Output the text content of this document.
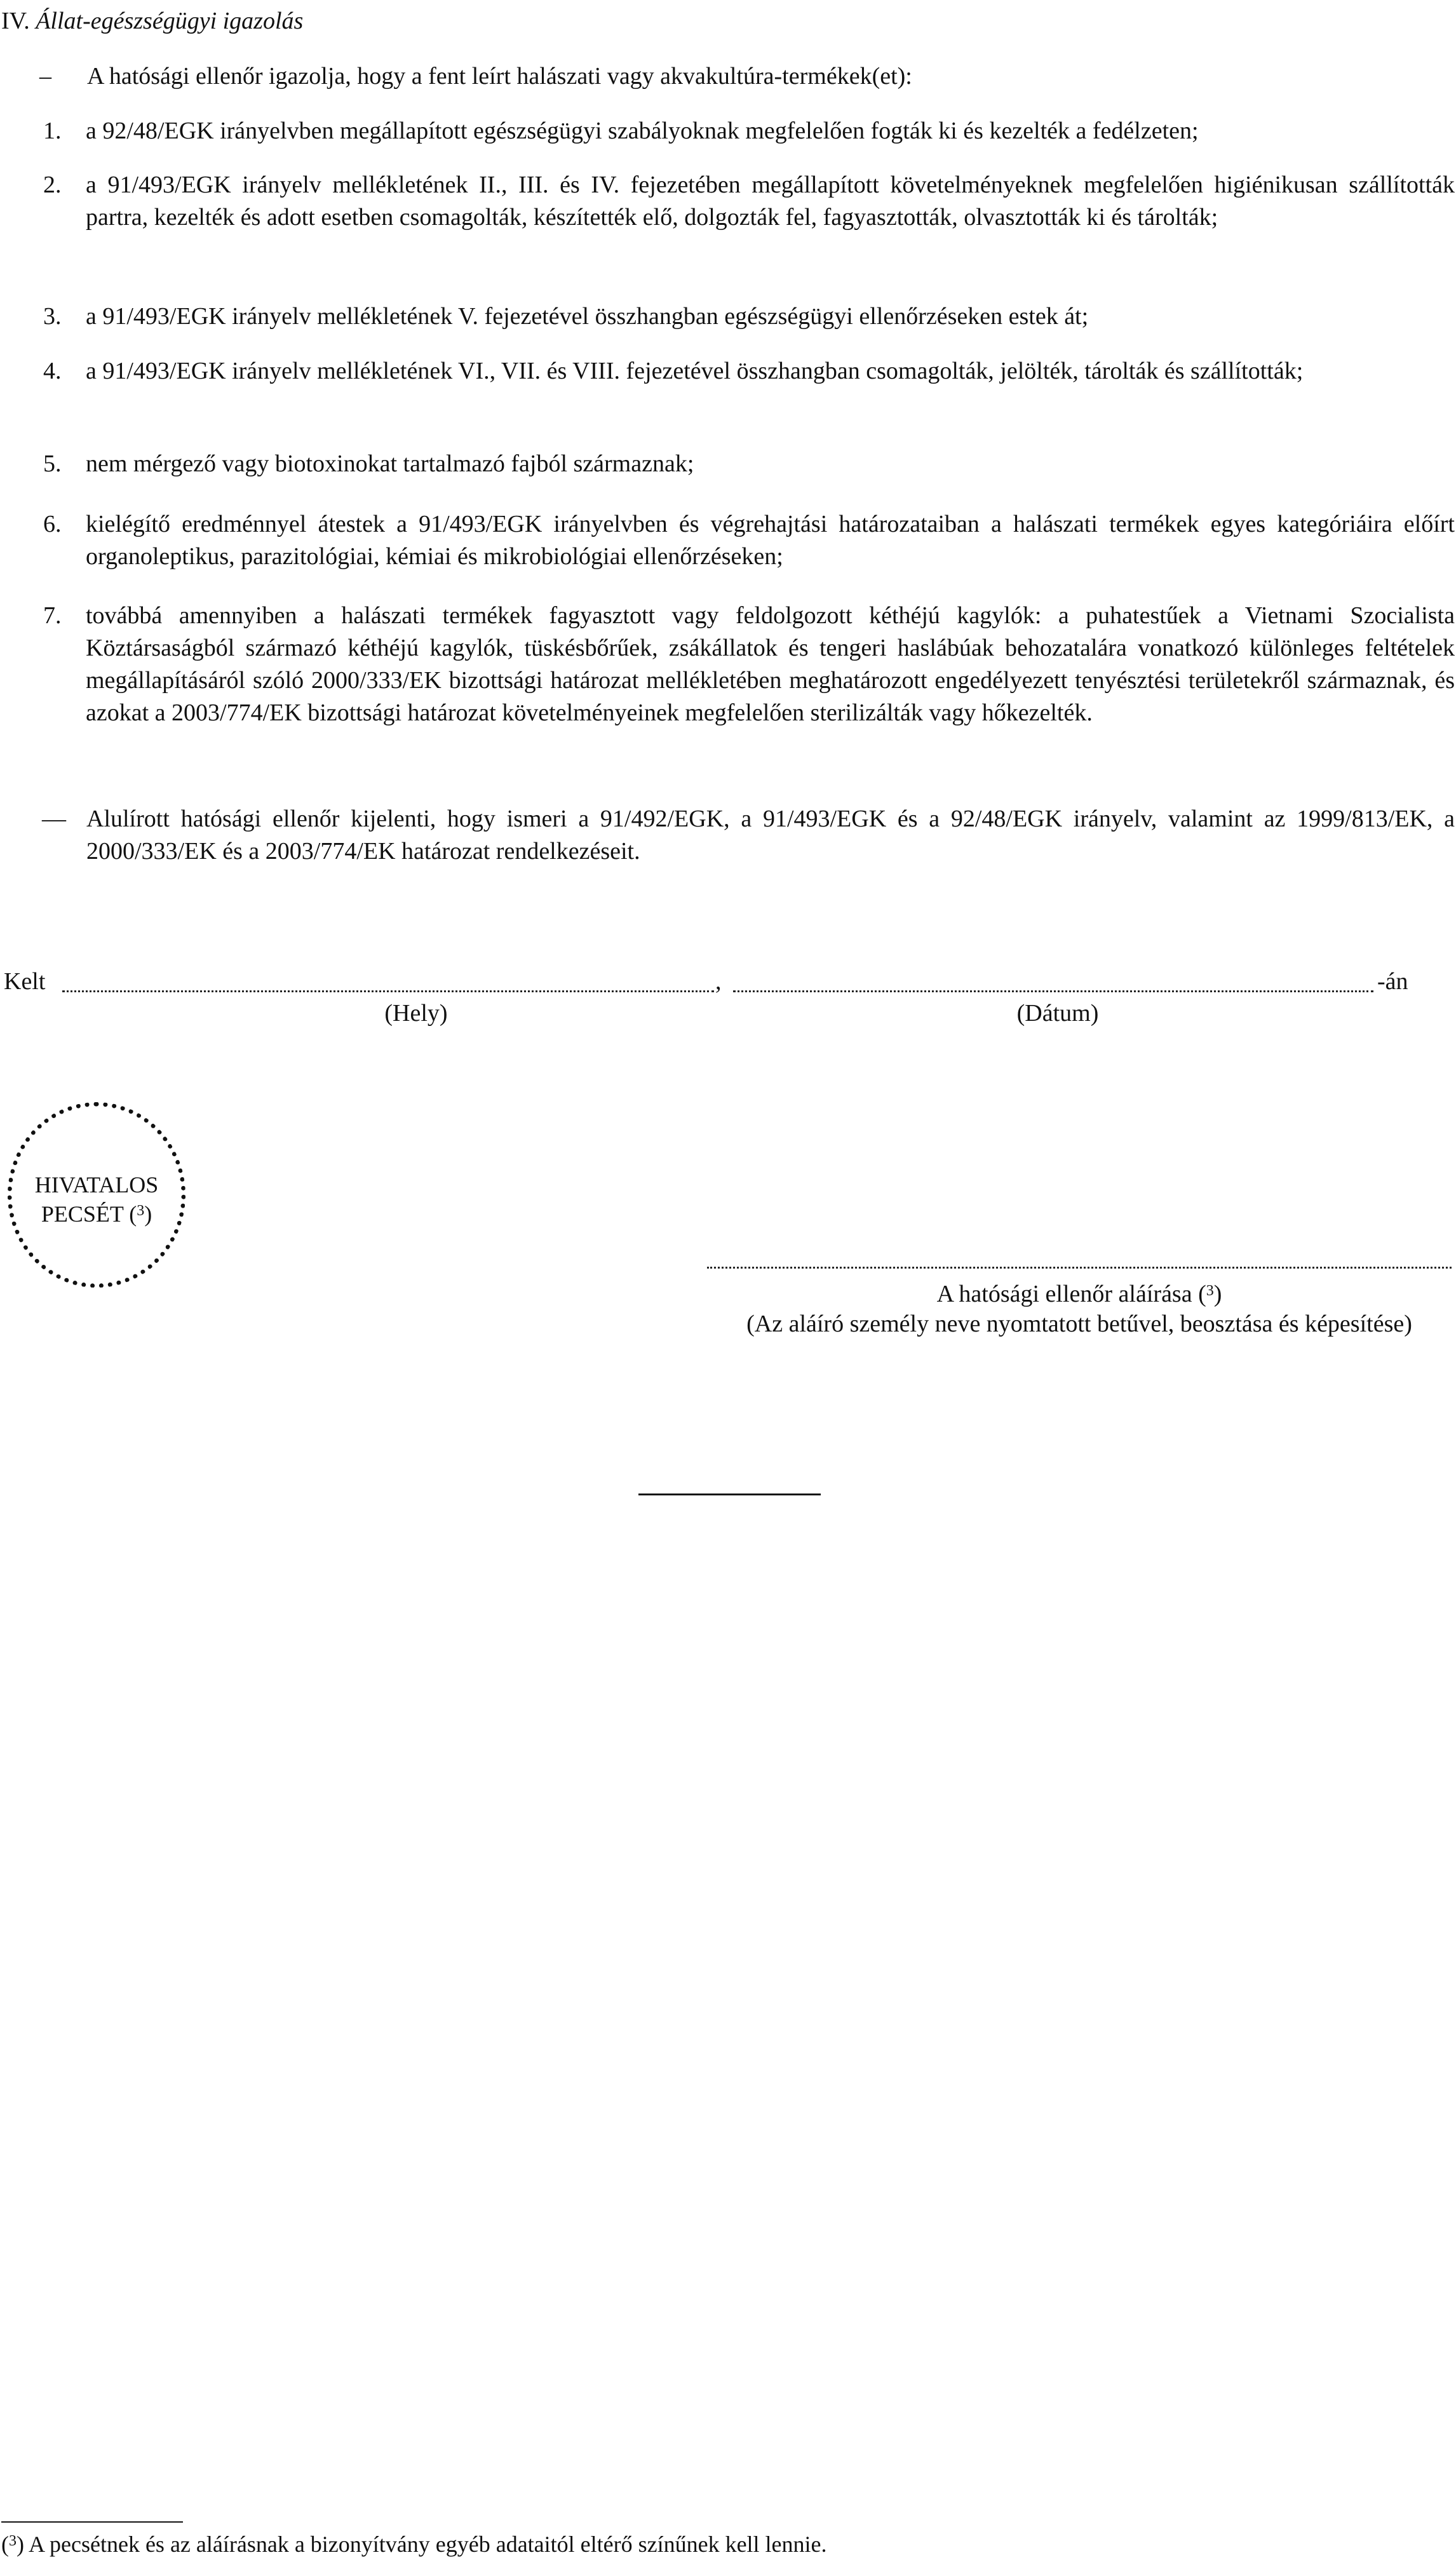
IV. Állat-egészségügyi igazolás
– A hatósági ellenőr igazolja, hogy a fent leírt halászati vagy akvakultúra-termékek(et):
1. a 92/48/EGK irányelvben megállapított egészségügyi szabályoknak megfelelően fogták ki és kezelték a fedélzeten;
2. a 91/493/EGK irányelv mellékletének II., III. és IV. fejezetében megállapított követelményeknek megfelelően higiénikusan szállították partra, kezelték és adott esetben csomagolták, készítették elő, dolgozták fel, fagyasztották, olvasztották ki és tárolták;
3. a 91/493/EGK irányelv mellékletének V. fejezetével összhangban egészségügyi ellenőrzéseken estek át;
4. a 91/493/EGK irányelv mellékletének VI., VII. és VIII. fejezetével összhangban csomagolták, jelölték, tárolták és szállították;
5. nem mérgező vagy biotoxinokat tartalmazó fajból származnak;
6. kielégítő eredménnyel átestek a 91/493/EGK irányelvben és végrehajtási határozataiban a halászati termékek egyes kategóriáira előírt organoleptikus, parazitológiai, kémiai és mikrobiológiai ellenőrzéseken;
7. továbbá amennyiben a halászati termékek fagyasztott vagy feldolgozott kéthéjú kagylók: a puhatestűek a Vietnami Szocialista Köztársaságból származó kéthéjú kagylók, tüskésbőrűek, zsákállatok és tengeri haslábúak behozatalára vonatkozó különleges feltételek megállapításáról szóló 2000/333/EK bizottsági határozat mellékletében meghatározott engedélyezett tenyésztési területekről származnak, és azokat a 2003/774/EK bizottsági határozat követelményeinek megfelelően sterilizálták vagy hőkezelték.
— Alulírott hatósági ellenőr kijelenti, hogy ismeri a 91/492/EGK, a 91/493/EGK és a 92/48/EGK irányelv, valamint az 1999/813/EK, a 2000/333/EK és a 2003/774/EK határozat rendelkezéseit.
Kelt	,	-án
(Hely)	(Dátum)
HIVATALOS
PECSÉT ($^3$)
A hatósági ellenőr aláírása ($^3$)
(Az aláíró személy neve nyomtatott betűvel, beosztása és képesítése)
($^3$) A pecsétnek és az aláírásnak a bizonyítvány egyéb adataitól eltérő színűnek kell lennie.
